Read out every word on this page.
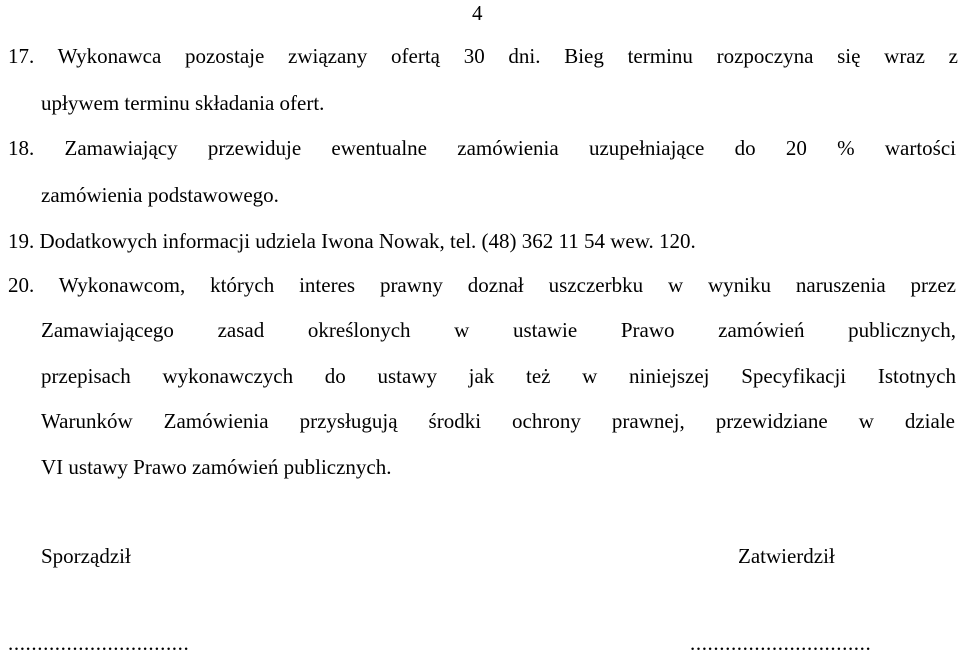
4
17. Wykonawca pozostaje związany ofertą 30 dni. Bieg terminu rozpoczyna się wraz z
upływem terminu składania ofert.
18. Zamawiający przewiduje ewentualne zamówienia uzupełniające do 20 % wartości
zamówienia podstawowego.
19. Dodatkowych informacji udziela Iwona Nowak, tel. (48) 362 11 54 wew. 120.
20. Wykonawcom, których interes prawny doznał uszczerbku w wyniku naruszenia przez
Zamawiającego zasad określonych w ustawie Prawo zamówień publicznych,
przepisach wykonawczych do ustawy jak też w niniejszej Specyfikacji Istotnych
Warunków Zamówienia przysługują środki ochrony prawnej, przewidziane w dziale
VI ustawy Prawo zamówień publicznych.
Sporządził	Zatwierdził
...............................	...............................
